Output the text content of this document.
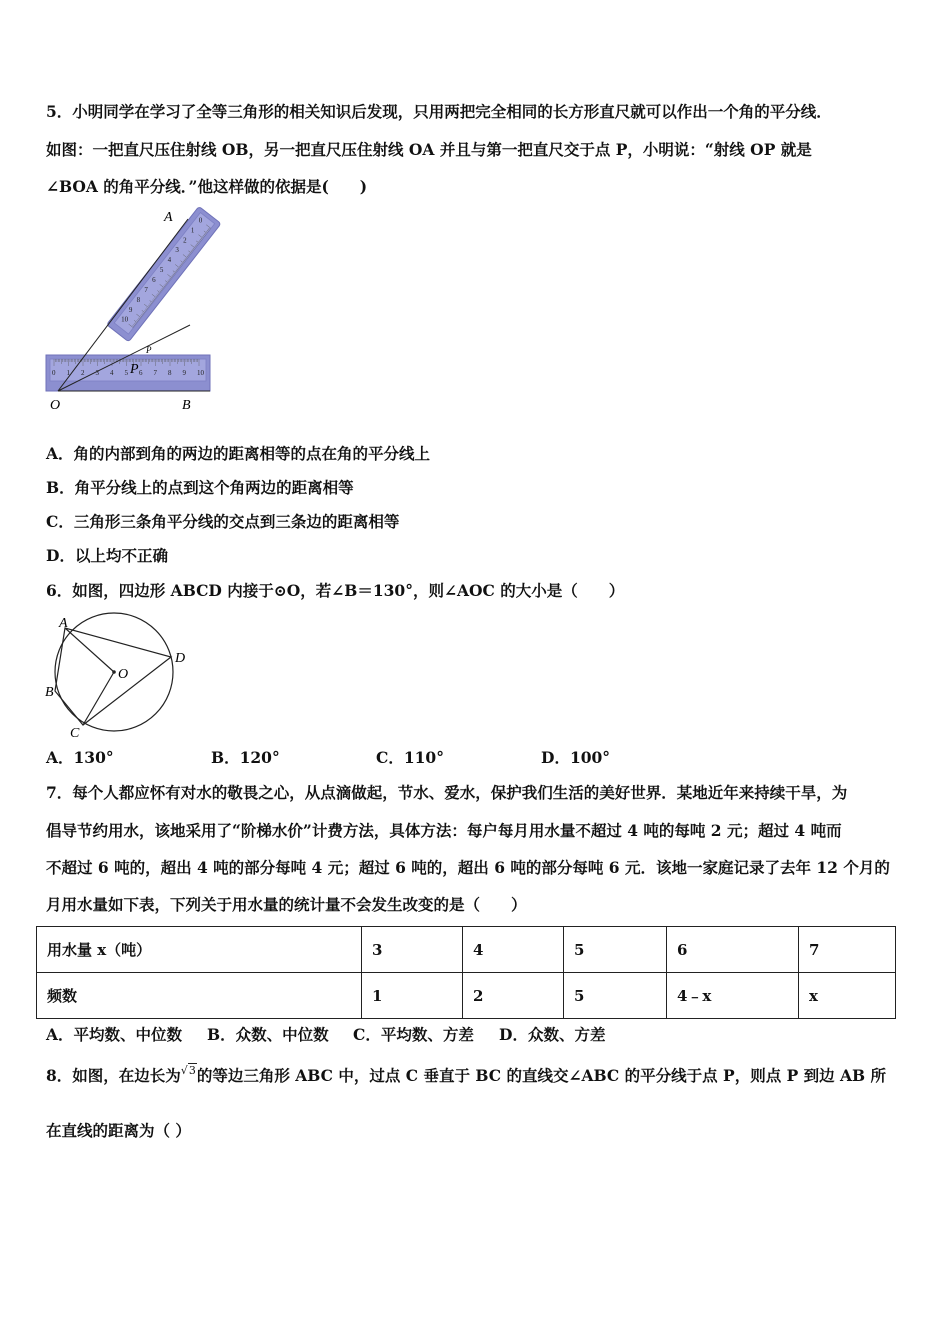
5．小明同学在学习了全等三角形的相关知识后发现，只用两把完全相同的长方形直尺就可以作出一个角的平分线．
如图：一把直尺压住射线 OB，另一把直尺压住射线 OA 并且与第一把直尺交于点 P，小明说：“射线 OP 就是
∠BOA 的角平分线．”他这样做的依据是(　　)
0 1 2 3 4 5 6 7 8 9 10
0
1
2
3
4
5
6
7
8
9
10
A
O	B
P
P
A．角的内部到角的两边的距离相等的点在角的平分线上
B．角平分线上的点到这个角两边的距离相等
C．三角形三条角平分线的交点到三条边的距离相等
D．以上均不正确
6．如图，四边形 ABCD 内接于⊙O，若∠B＝130°，则∠AOC 的大小是（　　）
A
B
C
D
O
A．130°	B．120°	C．110°	D．100°
7．每个人都应怀有对水的敬畏之心，从点滴做起，节水、爱水，保护我们生活的美好世界．某地近年来持续干旱，为
倡导节约用水，该地采用了“阶梯水价”计费方法，具体方法：每户每月用水量不超过 4 吨的每吨 2 元；超过 4 吨而
不超过 6 吨的，超出 4 吨的部分每吨 4 元；超过 6 吨的，超出 6 吨的部分每吨 6 元．该地一家庭记录了去年 12 个月的
月用水量如下表，下列关于用水量的统计量不会发生改变的是（　　）
用水量 x（吨）	3	4	5	6	7
频数	1	2	5	4﹣x	x
A．平均数、中位数 B．众数、中位数 C．平均数、方差 D．众数、方差
8．如图，在边长为√3的等边三角形 ABC 中，过点 C 垂直于 BC 的直线交∠ABC 的平分线于点 P，则点 P 到边 AB 所
在直线的距离为（ ）
